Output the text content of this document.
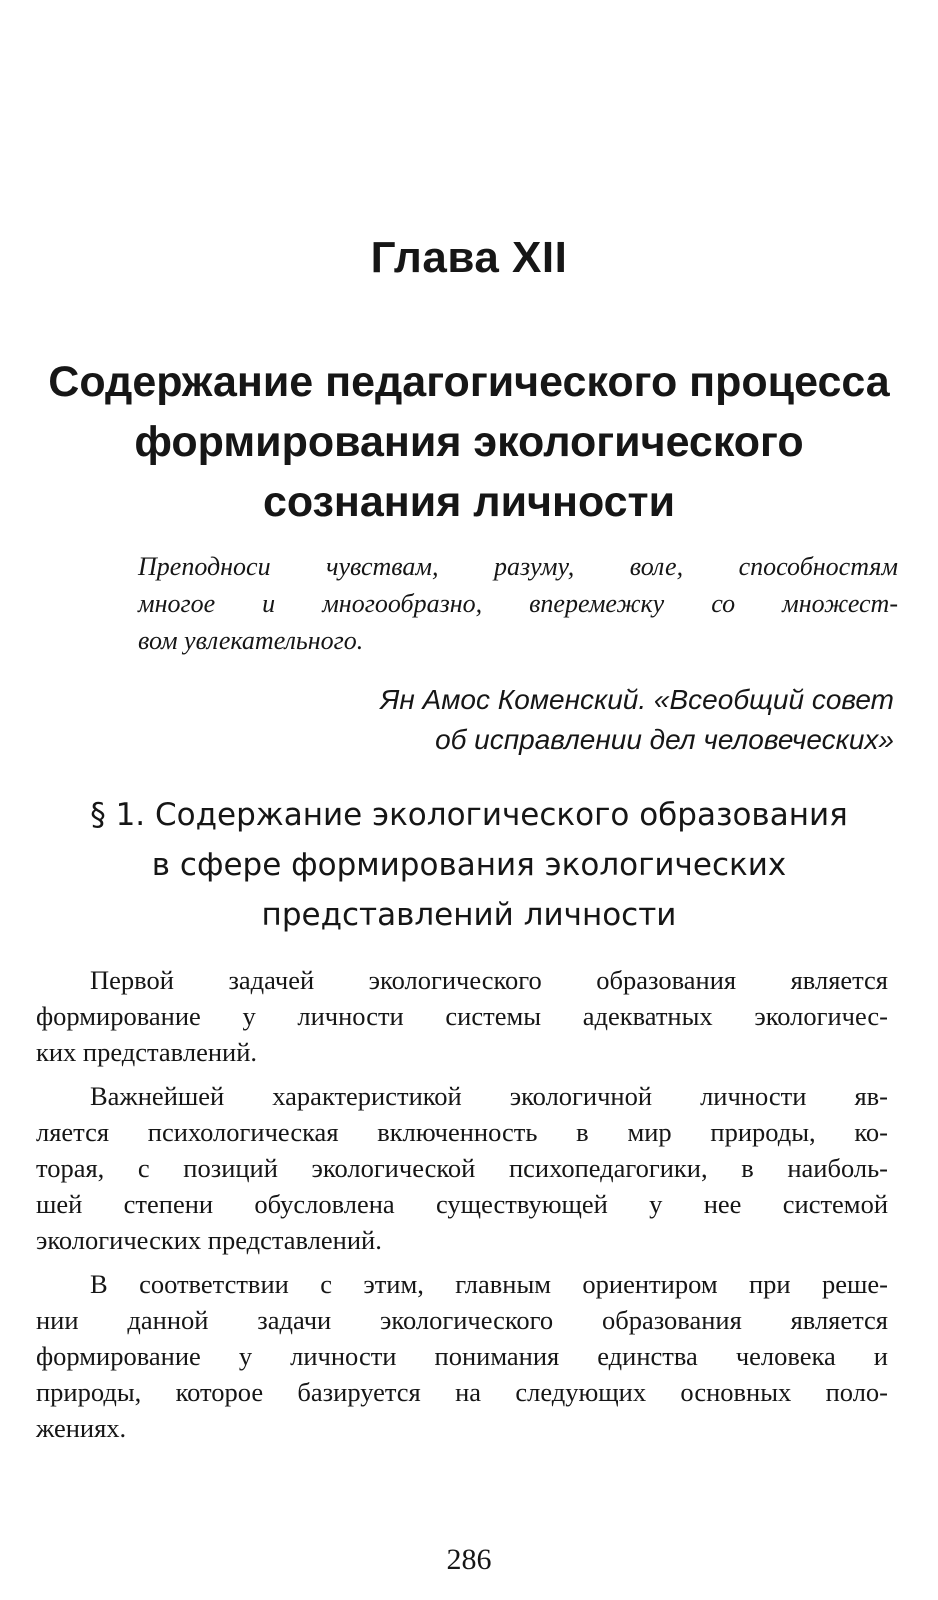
Глава XII
Содержание педагогического процесса
формирования экологического
сознания личности
Преподноси чувствам, разуму, воле, способностям
многое и многообразно, вперемежку со множест-
вом увлекательного.
Ян Амос Коменский. «Всеобщий совет
об исправлении дел человеческих»
§ 1. Содержание экологического образования
в сфере формирования экологических
представлений личности
Первой задачей экологического образования является
формирование у личности системы адекватных экологичес-
ких представлений.
Важнейшей характеристикой экологичной личности яв-
ляется психологическая включенность в мир природы, ко-
торая, с позиций экологической психопедагогики, в наиболь-
шей степени обусловлена существующей у нее системой
экологических представлений.
В соответствии с этим, главным ориентиром при реше-
нии данной задачи экологического образования является
формирование у личности понимания единства человека и
природы, которое базируется на следующих основных поло-
жениях.
286
